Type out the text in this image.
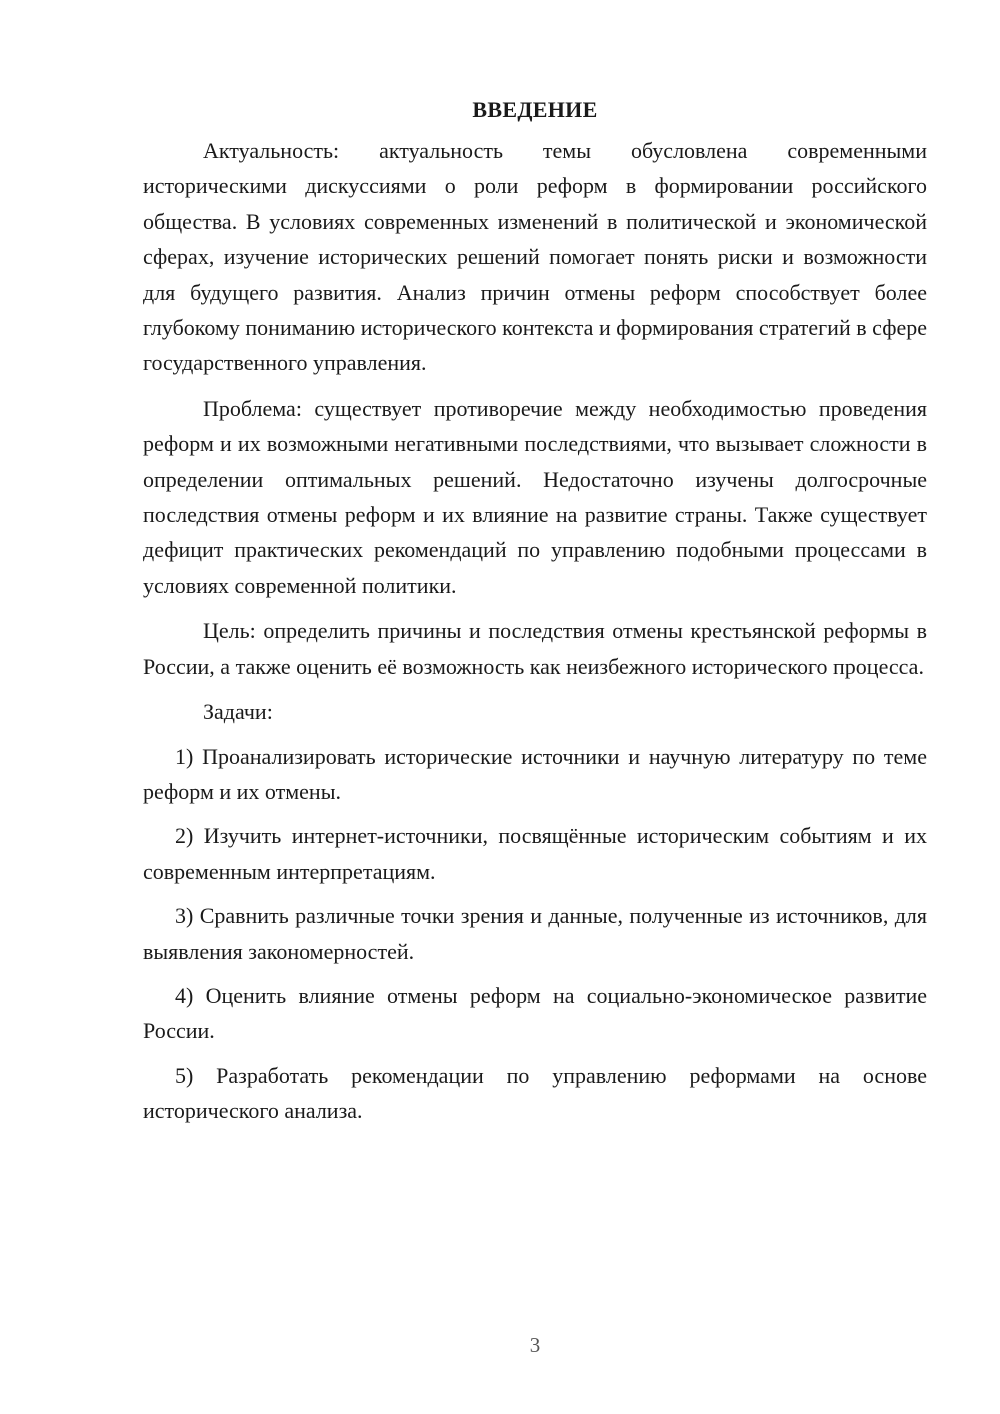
ВВЕДЕНИЕ

Актуальность: актуальность темы обусловлена современными историческими дискуссиями о роли реформ в формировании российского общества. В условиях современных изменений в политической и экономической сферах, изучение исторических решений помогает понять риски и возможности для будущего развития. Анализ причин отмены реформ способствует более глубокому пониманию исторического контекста и формирования стратегий в сфере государственного управления.

Проблема: существует противоречие между необходимостью проведения реформ и их возможными негативными последствиями, что вызывает сложности в определении оптимальных решений. Недостаточно изучены долгосрочные последствия отмены реформ и их влияние на развитие страны. Также существует дефицит практических рекомендаций по управлению подобными процессами в условиях современной политики.

Цель: определить причины и последствия отмены крестьянской реформы в России, а также оценить её возможность как неизбежного исторического процесса.

Задачи:

1) Проанализировать исторические источники и научную литературу по теме реформ и их отмены.

2) Изучить интернет-источники, посвящённые историческим событиям и их современным интерпретациям.

3) Сравнить различные точки зрения и данные, полученные из источников, для выявления закономерностей.

4) Оценить влияние отмены реформ на социально-экономическое развитие России.

5) Разработать рекомендации по управлению реформами на основе исторического анализа.

3
